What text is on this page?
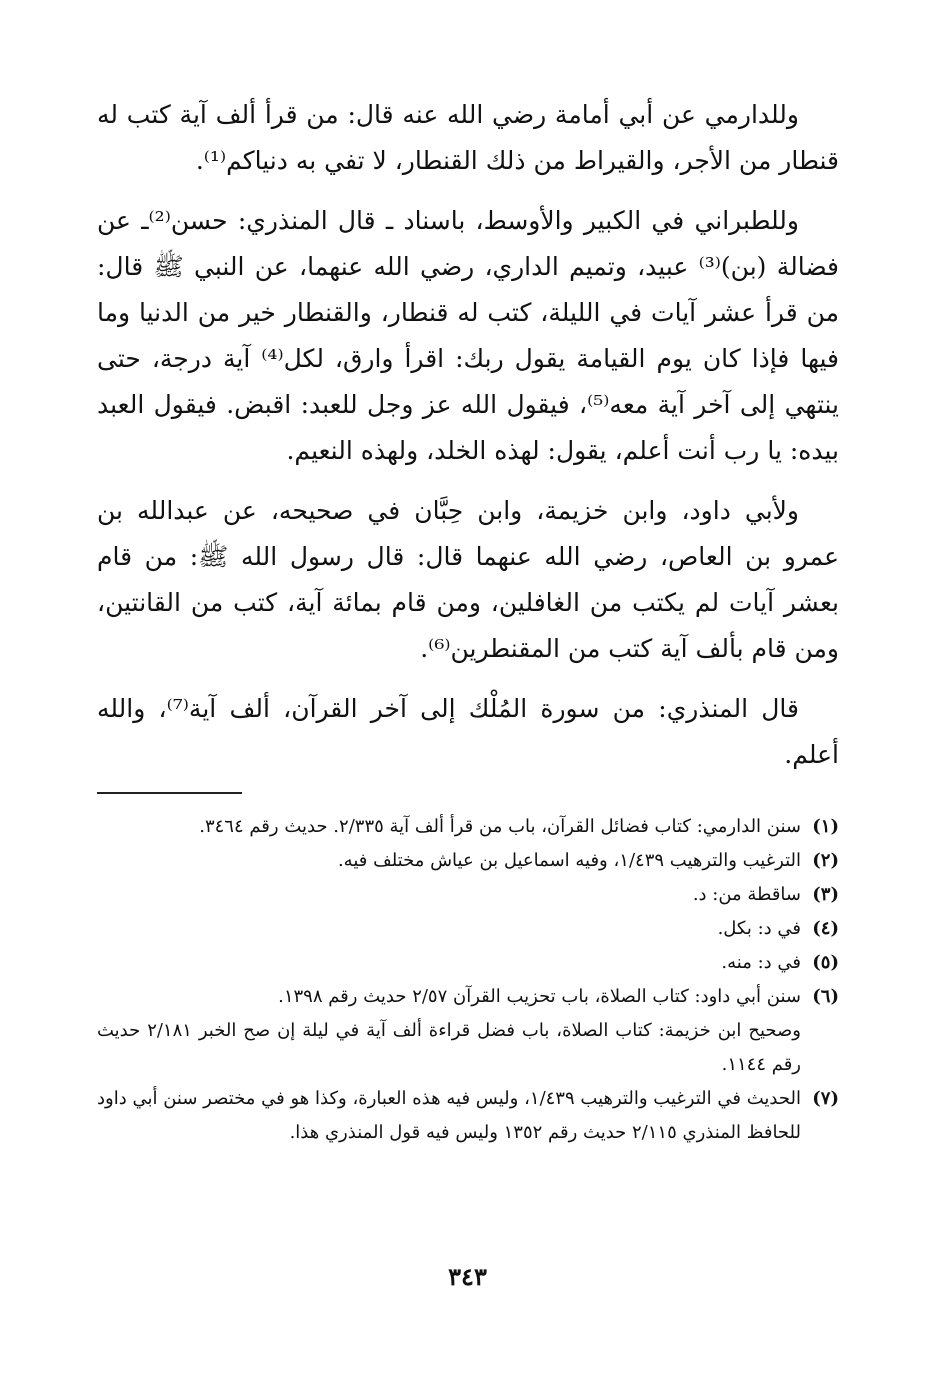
وللدارمي عن أبي أمامة رضي الله عنه قال: من قرأ ألف آية كتب له قنطار من الأجر، والقيراط من ذلك القنطار، لا تفي به دنياكم⁽¹⁾.

وللطبراني في الكبير والأوسط، باسناد ـ قال المنذري: حسن⁽²⁾ـ عن فضالة (بن)⁽³⁾ عبيد، وتميم الداري، رضي الله عنهما، عن النبي ﷺ قال: من قرأ عشر آيات في الليلة، كتب له قنطار، والقنطار خير من الدنيا وما فيها فإذا كان يوم القيامة يقول ربك: اقرأ وارق، لكل⁽⁴⁾ آية درجة، حتى ينتهي إلى آخر آية معه⁽⁵⁾، فيقول الله عز وجل للعبد: اقبض. فيقول العبد بيده: يا رب أنت أعلم، يقول: لهذه الخلد، ولهذه النعيم.

ولأبي داود، وابن خزيمة، وابن حِبَّان في صحيحه، عن عبدالله بن عمرو بن العاص، رضي الله عنهما قال: قال رسول الله ﷺ: من قام بعشر آيات لم يكتب من الغافلين، ومن قام بمائة آية، كتب من القانتين، ومن قام بألف آية كتب من المقنطرين⁽⁶⁾.

قال المنذري: من سورة المُلْك إلى آخر القرآن، ألف آية⁽⁷⁾، والله أعلم.

(١)سنن الدارمي: كتاب فضائل القرآن، باب من قرأ ألف آية ٢/٣٣٥. حديث رقم ٣٤٦٤.

(٢)الترغيب والترهيب ١/٤٣٩، وفيه اسماعيل بن عياش مختلف فيه.

(٣)ساقطة من: د.

(٤)في د: بكل.

(٥)في د: منه.

(٦)سنن أبي داود: كتاب الصلاة، باب تحزيب القرآن ٢/٥٧ حديث رقم ١٣٩٨.

وصحيح ابن خزيمة: كتاب الصلاة، باب فضل قراءة ألف آية في ليلة إن صح الخبر ٢/١٨١ حديث رقم ١١٤٤.

(٧)الحديث في الترغيب والترهيب ١/٤٣٩، وليس فيه هذه العبارة، وكذا هو في مختصر سنن أبي داود للحافظ المنذري ٢/١١٥ حديث رقم ١٣٥٢ وليس فيه قول المنذري هذا.

٣٤٣
